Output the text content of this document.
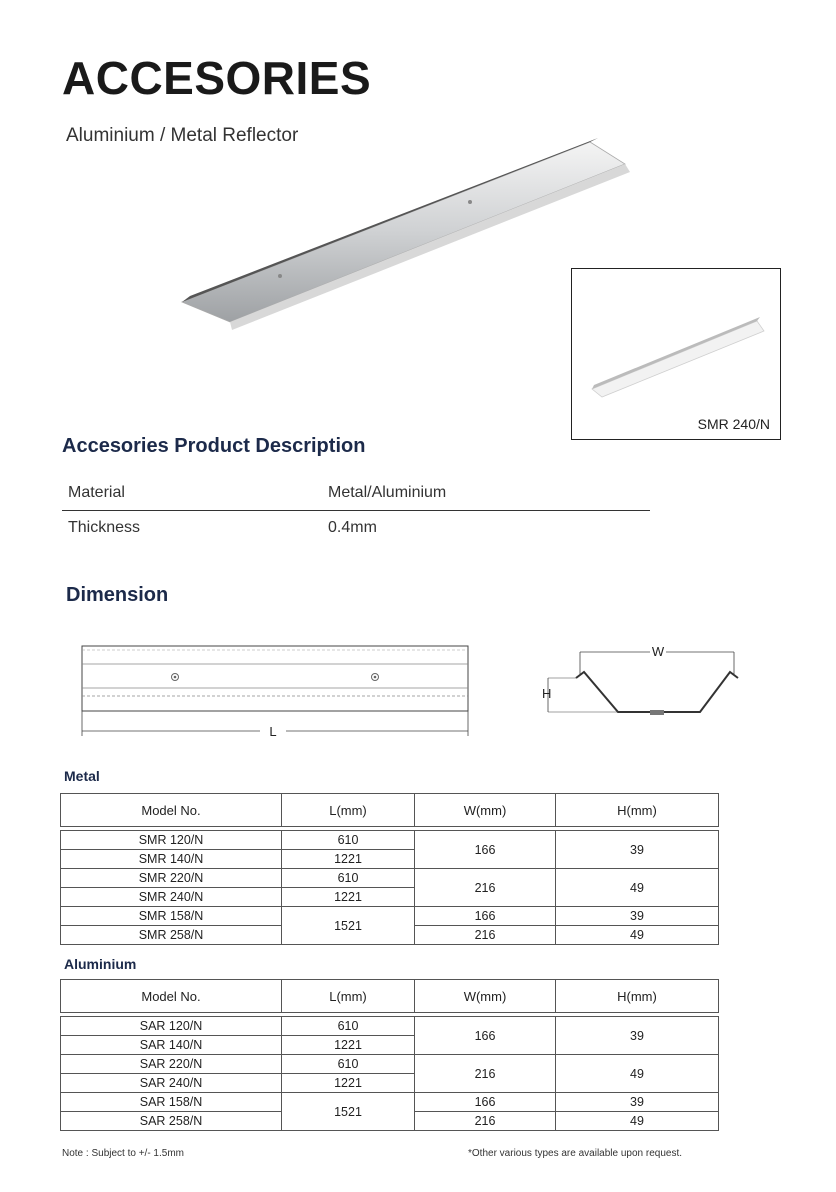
ACCESORIES

Aluminium / Metal Reflector

SMR 240/N
Accesories Product Description
Material	Metal/Aluminium
Thickness	0.4mm
Dimension
L
W
H

Metal

Model No.	L(mm)	W(mm)	H(mm)

SMR 120/N	610	166	39
SMR 140/N	1221		
SMR 220/N	610	216	49
SMR 240/N	1221		
SMR 158/N	1521	166	39
SMR 258/N		216	49

Aluminium

Model No.	L(mm)	W(mm)	H(mm)

SAR 120/N	610	166	39
SAR 140/N	1221		
SAR 220/N	610	216	49
SAR 240/N	1221		
SAR 158/N	1521	166	39
SAR 258/N		216	49
Note : Subject to +/- 1.5mm	*Other various types are available upon request.
